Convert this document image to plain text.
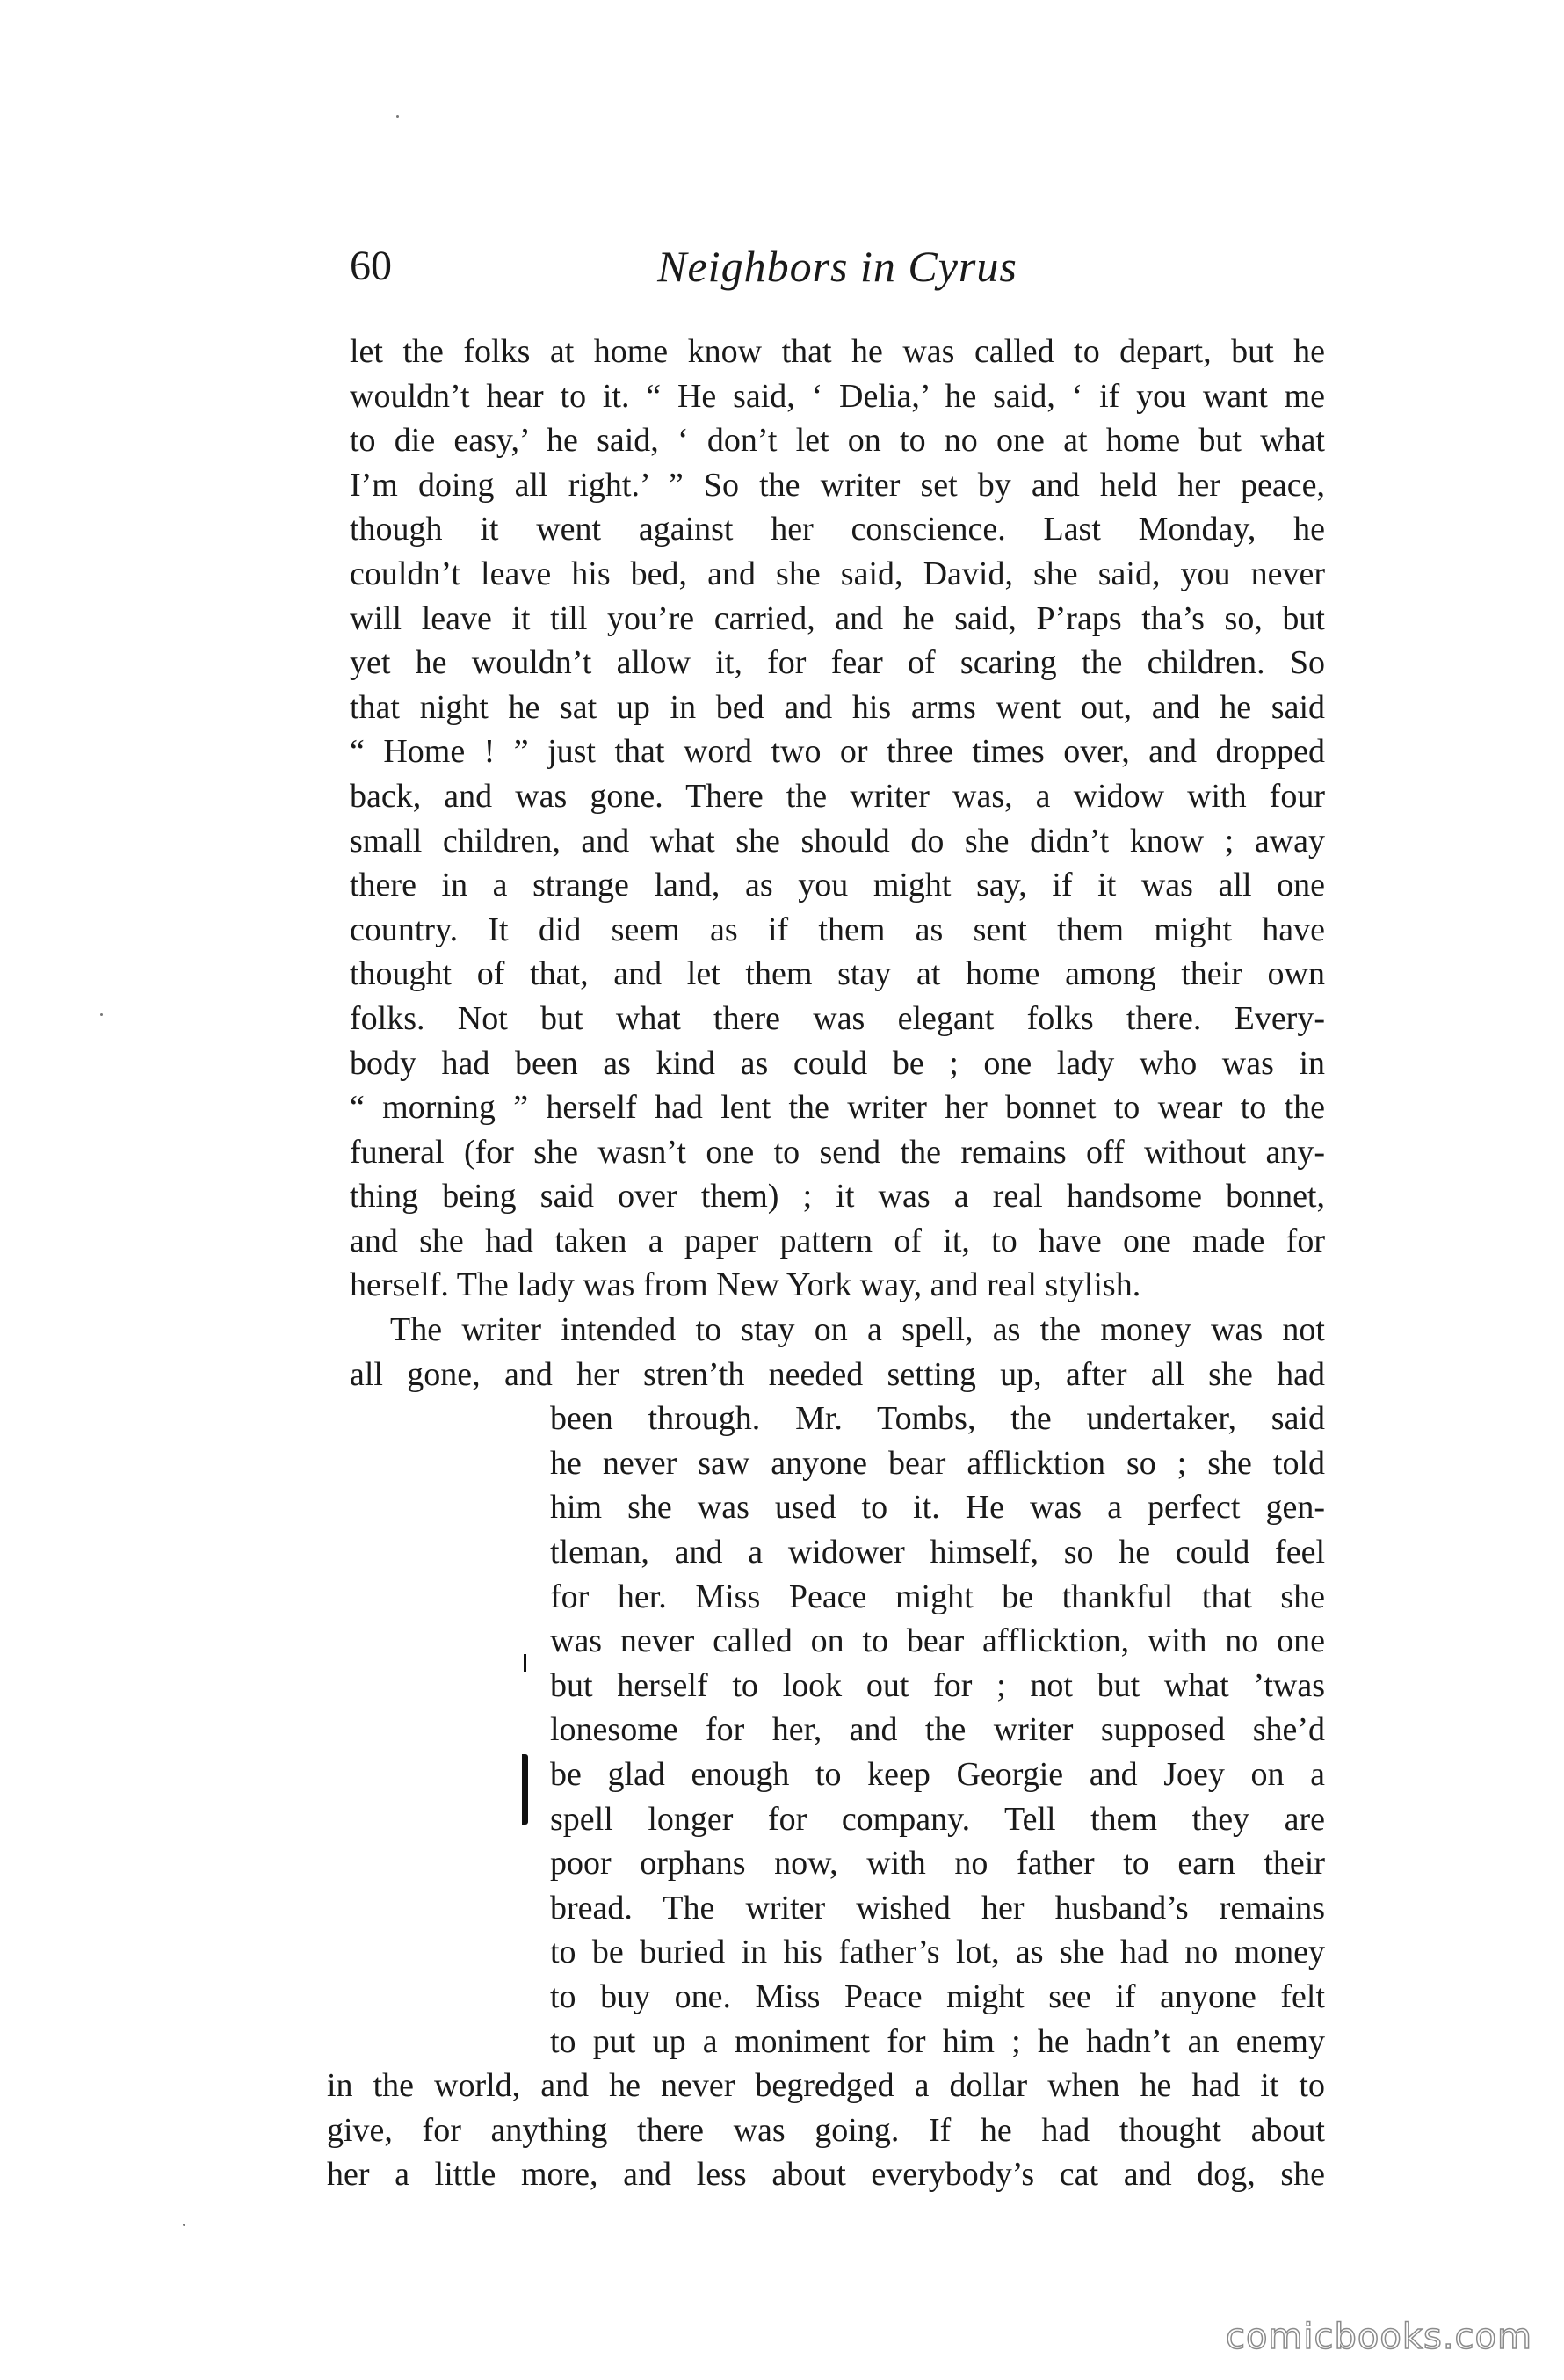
60	Neighbors in Cyrus
let the folks at home know that he was called to depart, but he
wouldn’t hear to it. “ He said, ‘ Delia,’ he said, ‘ if you want me
to die easy,’ he said, ‘ don’t let on to no one at home but what
I’m doing all right.’ ” So the writer set by and held her peace,
though it went against her conscience. Last Monday, he
couldn’t leave his bed, and she said, David, she said, you never
will leave it till you’re carried, and he said, P’raps tha’s so, but
yet he wouldn’t allow it, for fear of scaring the children. So
that night he sat up in bed and his arms went out, and he said
“ Home ! ” just that word two or three times over, and dropped
back, and was gone. There the writer was, a widow with four
small children, and what she should do she didn’t know ; away
there in a strange land, as you might say, if it was all one
country. It did seem as if them as sent them might have
thought of that, and let them stay at home among their own
folks. Not but what there was elegant folks there. Every-
body had been as kind as could be ; one lady who was in
“ morning ” herself had lent the writer her bonnet to wear to the
funeral (for she wasn’t one to send the remains off without any-
thing being said over them) ; it was a real handsome bonnet,
and she had taken a paper pattern of it, to have one made for
herself. The lady was from New York way, and real stylish.
The writer intended to stay on a spell, as the money was not
all gone, and her stren’th needed setting up, after all she had
been through. Mr. Tombs, the undertaker, said
he never saw anyone bear afflicktion so ; she told
him she was used to it. He was a perfect gen-
tleman, and a widower himself, so he could feel
for her. Miss Peace might be thankful that she
was never called on to bear afflicktion, with no one
but herself to look out for ; not but what ’twas
lonesome for her, and the writer supposed she’d
be glad enough to keep Georgie and Joey on a
spell longer for company. Tell them they are
poor orphans now, with no father to earn their
bread. The writer wished her husband’s remains
to be buried in his father’s lot, as she had no money
to buy one. Miss Peace might see if anyone felt
to put up a moniment for him ; he hadn’t an enemy
in the world, and he never begredged a dollar when he had it to
give, for anything there was going. If he had thought about
her a little more, and less about everybody’s cat and dog, she
comicbooks.com
